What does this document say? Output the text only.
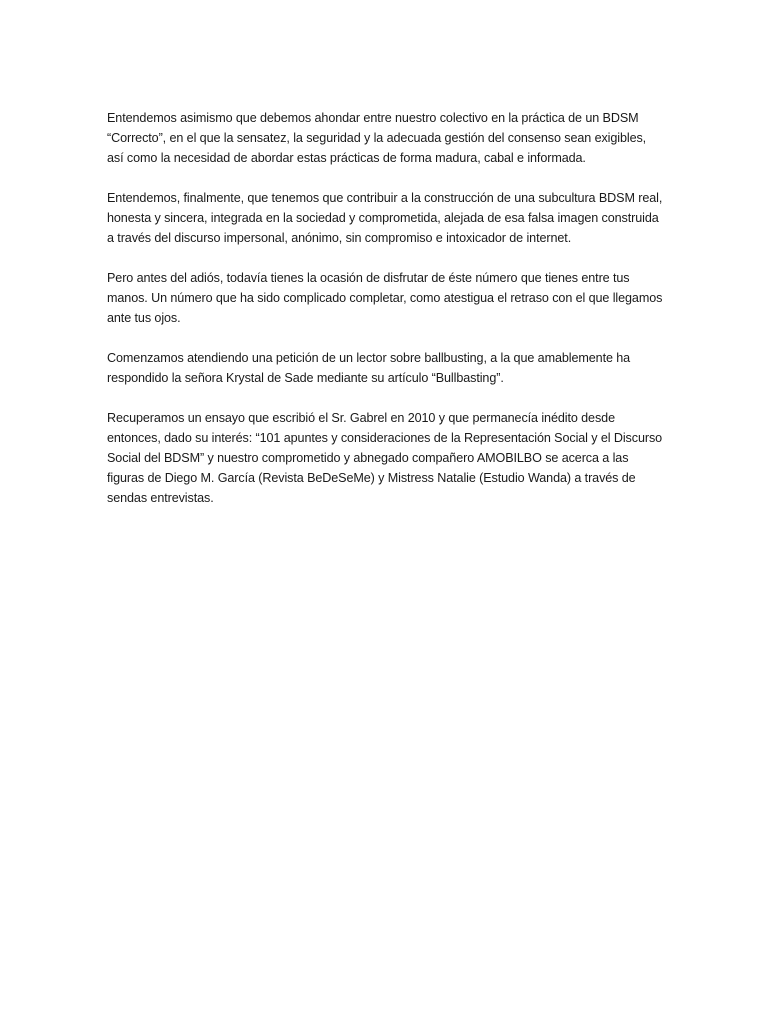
Entendemos asimismo que debemos ahondar entre nuestro colectivo en la práctica de un BDSM “Correcto”, en el que la sensatez, la seguridad y la adecuada gestión del consenso sean exigibles, así como la necesidad de abordar estas prácticas de forma madura, cabal e informada.

Entendemos, finalmente, que tenemos que contribuir a la construcción de una subcultura BDSM real, honesta y sincera, integrada en la sociedad y comprometida, alejada de esa falsa imagen construida a través del discurso impersonal, anónimo, sin compromiso e intoxicador de internet.

Pero antes del adiós, todavía tienes la ocasión de disfrutar de éste número que tienes entre tus manos. Un número que ha sido complicado completar, como atestigua el retraso con el que llegamos ante tus ojos.

Comenzamos atendiendo una petición de un lector sobre ballbusting, a la que amablemente ha respondido la señora Krystal de Sade mediante su artículo “Bullbasting”.

Recuperamos un ensayo que escribió el Sr. Gabrel en 2010 y que permanecía inédito desde entonces, dado su interés: “101 apuntes y consideraciones de la Representación Social y el Discurso Social del BDSM” y nuestro comprometido y abnegado compañero AMOBILBO se acerca a las figuras de Diego M. García (Revista BeDeSeMe) y Mistress Natalie (Estudio Wanda) a través de sendas entrevistas.
